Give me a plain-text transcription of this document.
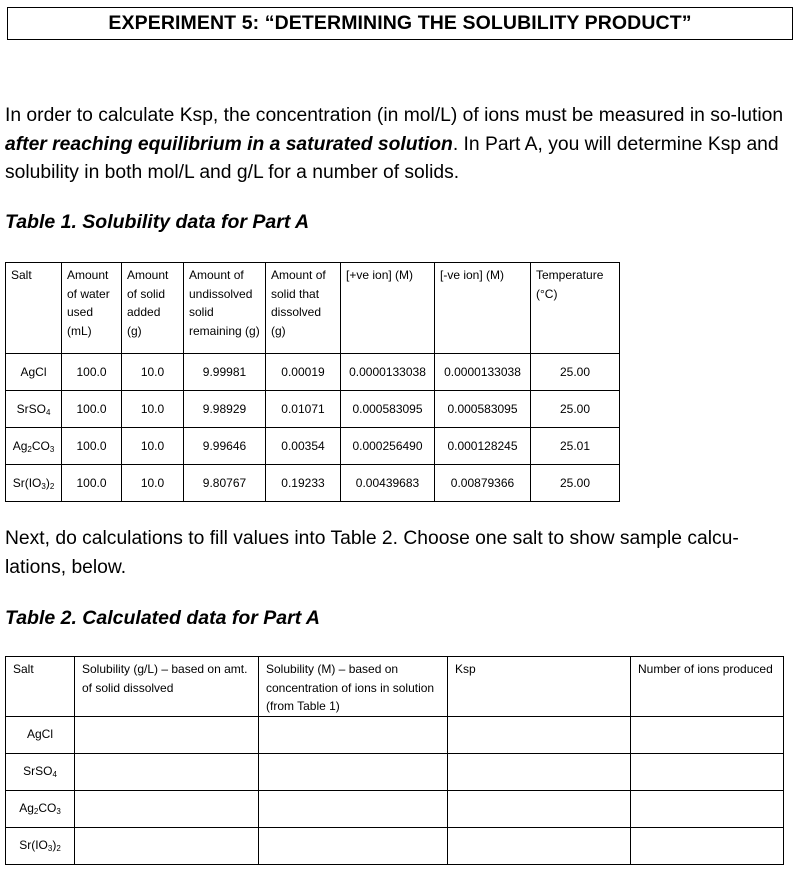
EXPERIMENT 5: “DETERMINING THE SOLUBILITY PRODUCT”
In order to calculate Ksp, the concentration (in mol/L) of ions must be measured in so-lution after reaching equilibrium in a saturated solution. In Part A, you will determine Ksp and solubility in both mol/L and g/L for a number of solids.
Table 1. Solubility data for Part A
Salt	Amount of water used (mL)	Amount of solid added (g)	Amount of undissolved solid remaining (g)	Amount of solid that dissolved (g)	[+ve ion] (M)	[-ve ion] (M)	Temperature (°C)
AgCl	100.0	10.0	9.99981	0.00019	0.0000133038	0.0000133038	25.00
SrSO$_4$	100.0	10.0	9.98929	0.01071	0.000583095	0.000583095	25.00
$Ag_2CO_3$	100.0	10.0	9.99646	0.00354	0.000256490	0.000128245	25.01
$Sr(IO_3)_2$	100.0	10.0	9.80767	0.19233	0.00439683	0.00879366	25.00
Next, do calculations to fill values into Table 2. Choose one salt to show sample calcu-lations, below.
Table 2. Calculated data for Part A
Salt	Solubility (g/L) – based on amt. of solid dissolved	Solubility (M) – based on concentration of ions in solution (from Table 1)	Ksp	Number of ions produced
AgCl				
SrSO$_4$				
$Ag_2CO_3$				
$Sr(IO_3)_2$				
